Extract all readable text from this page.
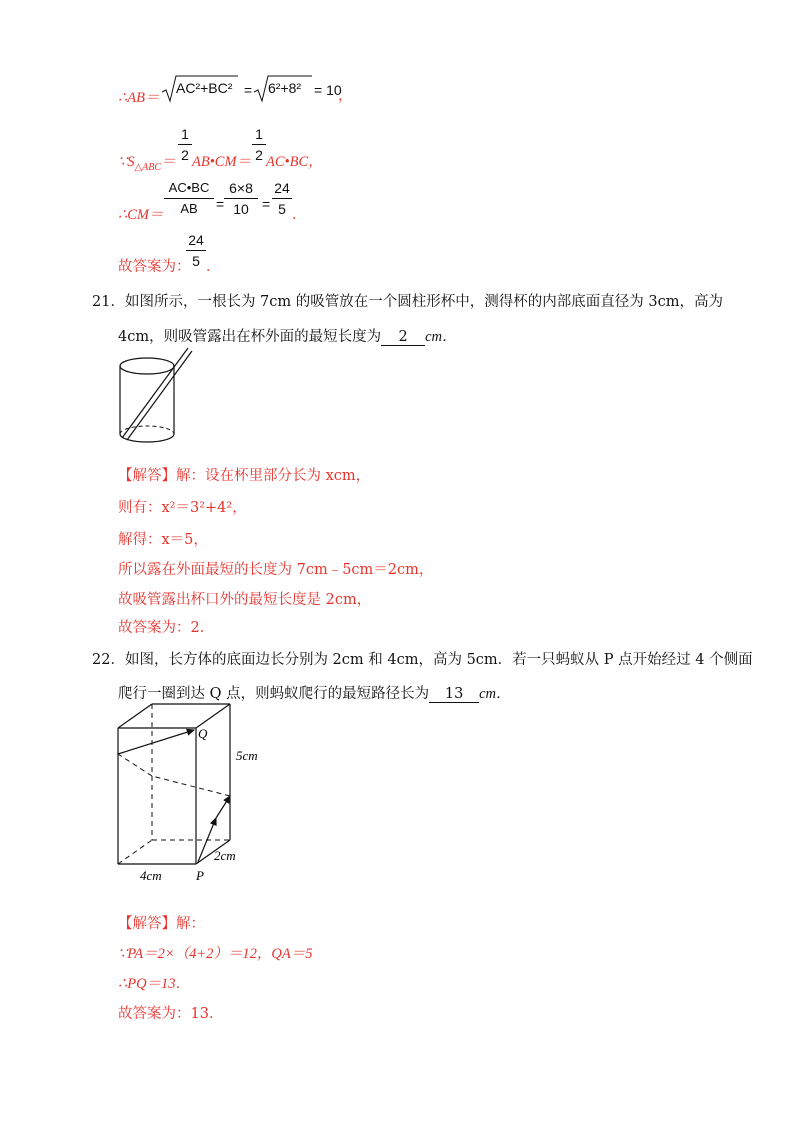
∴AB＝
AC²+BC² = 6²+8² = 10
，
$\because S_{\triangle ABC}=$
1
2 AB•CM＝
1
2 AC•BC，
∴CM＝
AC•BC
AB	=
6×8
10 =
24
5 ．
故答案为：
24
5 ．
21．如图所示，一根长为 7cm 的吸管放在一个圆柱形杯中，测得杯的内部底面直径为 3cm，高为
4cm，则吸管露出在杯外面的最短长度为 2 cm．
【解答】解：设在杯里部分长为 xcm，
则有：x²＝3²+4²，
解得：x＝5，
所以露在外面最短的长度为 7cm﹣5cm＝2cm，
故吸管露出杯口外的最短长度是 2cm，
故答案为：2．
22．如图，长方体的底面边长分别为 2cm 和 4cm，高为 5cm．若一只蚂蚁从 P 点开始经过 4 个侧面
爬行一圈到达 Q 点，则蚂蚁爬行的最短路径长为 13 cm．
Q
5cm
2cm
4cm	P
【解答】解：
∵PA＝2×（4+2）＝12，QA＝5
∴PQ＝13．
故答案为：13．
